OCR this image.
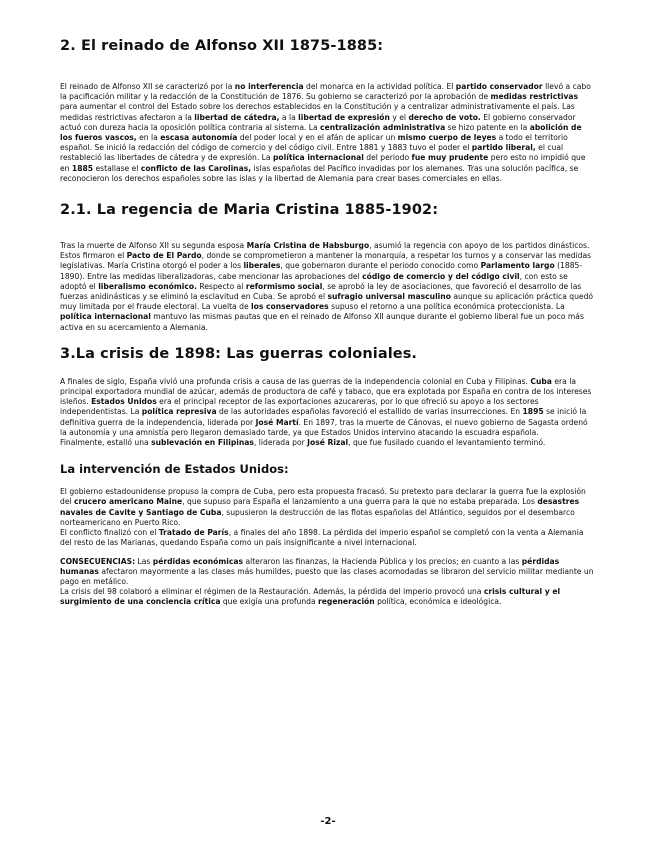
2. El reinado de Alfonso XII 1875-1885:

El reinado de Alfonso XII se caracterizó por la no interferencia del monarca en la actividad política. El partido conservador llevó a cabo la pacificación militar y la redacción de la Constitución de 1876. Su gobierno se caracterizó por la aprobación de medidas restrictivas para aumentar el control del Estado sobre los derechos establecidos en la Constitución y a centralizar administrativamente el país. Las medidas restrictivas afectaron a la libertad de cátedra, a la libertad de expresión y el derecho de voto. El gobierno conservador actuó con dureza hacia la oposición política contraria al sistema. La centralización administrativa se hizo patente en la abolición de los fueros vascos, en la escasa autonomía del poder local y en el afán de aplicar un mismo cuerpo de leyes a todo el territorio español. Se inició la redacción del código de comercio y del código civil. Entre 1881 y 1883 tuvo el poder el partido liberal, el cual restableció las libertades de cátedra y de expresión. La política internacional del periodo fue muy prudente pero esto no impidió que en 1885 estallase el conflicto de las Carolinas, islas españolas del Pacífico invadidas por los alemanes. Tras una solución pacífica, se reconocieron los derechos españoles sobre las islas y la libertad de Alemania para crear bases comerciales en ellas.

2.1. La regencia de Maria Cristina 1885-1902:

Tras la muerte de Alfonso XII su segunda esposa María Cristina de Habsburgo, asumió la regencia con apoyo de los partidos dinásticos. Estos firmaron el Pacto de El Pardo, donde se comprometieron a mantener la monarquía, a respetar los turnos y a conservar las medidas legislativas. María Cristina otorgó el poder a los liberales, que gobernaron durante el periodo conocido como Parlamento largo (1885- 1890). Entre las medidas liberalizadoras, cabe mencionar las aprobaciones del código de comercio y del código civil, con esto se adoptó el liberalismo económico. Respecto al reformismo social, se aprobó la ley de asociaciones, que favoreció el desarrollo de las fuerzas anidinásticas y se eliminó la esclavitud en Cuba. Se aprobó el sufragio universal masculino aunque su aplicación práctica quedó muy limitada por el fraude electoral. La vuelta de los conservadores supuso el retorno a una política económica proteccionista. La política internacional mantuvo las mismas pautas que en el reinado de Alfonso XII aunque durante el gobierno liberal fue un poco más activa en su acercamiento a Alemania.

3.La crisis de 1898: Las guerras coloniales.

A finales de siglo, España vivió una profunda crisis a causa de las guerras de la independencia colonial en Cuba y Filipinas. Cuba era la principal exportadora mundial de azúcar, además de productora de café y tabaco, que era explotada por España en contra de los intereses isleños. Estados Unidos era el principal receptor de las exportaciones azucareras, por lo que ofreció su apoyo a los sectores independentistas. La política represiva de las autoridades españolas favoreció el estallido de varias insurrecciones. En 1895 se inició la definitiva guerra de la independencia, liderada por José Martí. En 1897, tras la muerte de Cánovas, el nuevo gobierno de Sagasta ordenó la autonomía y una amnistía pero llegaron demasiado tarde, ya que Estados Unidos intervino atacando la escuadra española.
Finalmente, estalló una sublevación en Filipinas, liderada por José Rizal, que fue fusilado cuando el levantamiento terminó.

La intervención de Estados Unidos:

El gobierno estadounidense propuso la compra de Cuba, pero esta propuesta fracasó. Su pretexto para declarar la guerra fue la explosión del crucero americano Maine, que supuso para España el lanzamiento a una guerra para la que no estaba preparada. Los desastres navales de Cavite y Santiago de Cuba, supusieron la destrucción de las flotas españolas del Atlántico, seguidos por el desembarco norteamericano en Puerto Rico.
El conflicto finalizó con el Tratado de París, a finales del año 1898. La pérdida del imperio español se completó con la venta a Alemania del resto de las Marianas, quedando España como un país insignificante a nivel internacional.

CONSECUENCIAS: Las pérdidas económicas alteraron las finanzas, la Hacienda Pública y los precios; en cuanto a las pérdidas humanas afectaron mayormente a las clases más humildes, puesto que las clases acomodadas se libraron del servicio militar mediante un pago en metálico.
La crisis del 98 colaboró a eliminar el régimen de la Restauración. Además, la pérdida del imperio provocó una crisis cultural y el surgimiento de una conciencia crítica que exigía una profunda regeneración política, económica e ideológica.

-2-
